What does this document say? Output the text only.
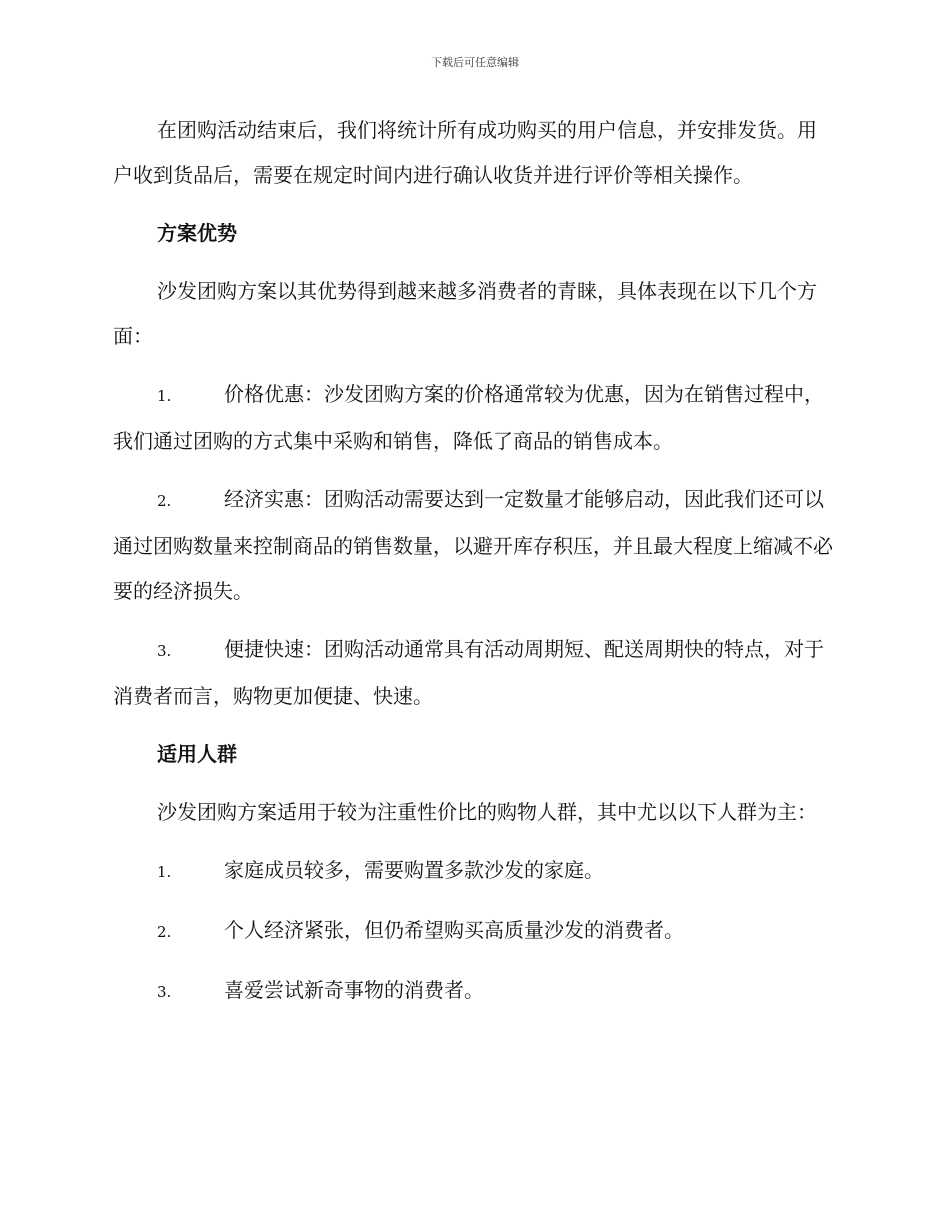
下载后可任意编辑

在团购活动结束后，我们将统计所有成功购买的用户信息，并安排发货。用户收到货品后，需要在规定时间内进行确认收货并进行评价等相关操作。

方案优势

沙发团购方案以其优势得到越来越多消费者的青睐，具体表现在以下几个方面：

1.	价格优惠：沙发团购方案的价格通常较为优惠，因为在销售过程中，我们通过团购的方式集中采购和销售，降低了商品的销售成本。
2.	经济实惠：团购活动需要达到一定数量才能够启动，因此我们还可以通过团购数量来控制商品的销售数量，以避开库存积压，并且最大程度上缩减不必要的经济损失。
3.	便捷快速：团购活动通常具有活动周期短、配送周期快的特点，对于消费者而言，购物更加便捷、快速。
适用人群

沙发团购方案适用于较为注重性价比的购物人群，其中尤以以下人群为主：

1.	家庭成员较多，需要购置多款沙发的家庭。
2.	个人经济紧张，但仍希望购买高质量沙发的消费者。
3.	喜爱尝试新奇事物的消费者。
